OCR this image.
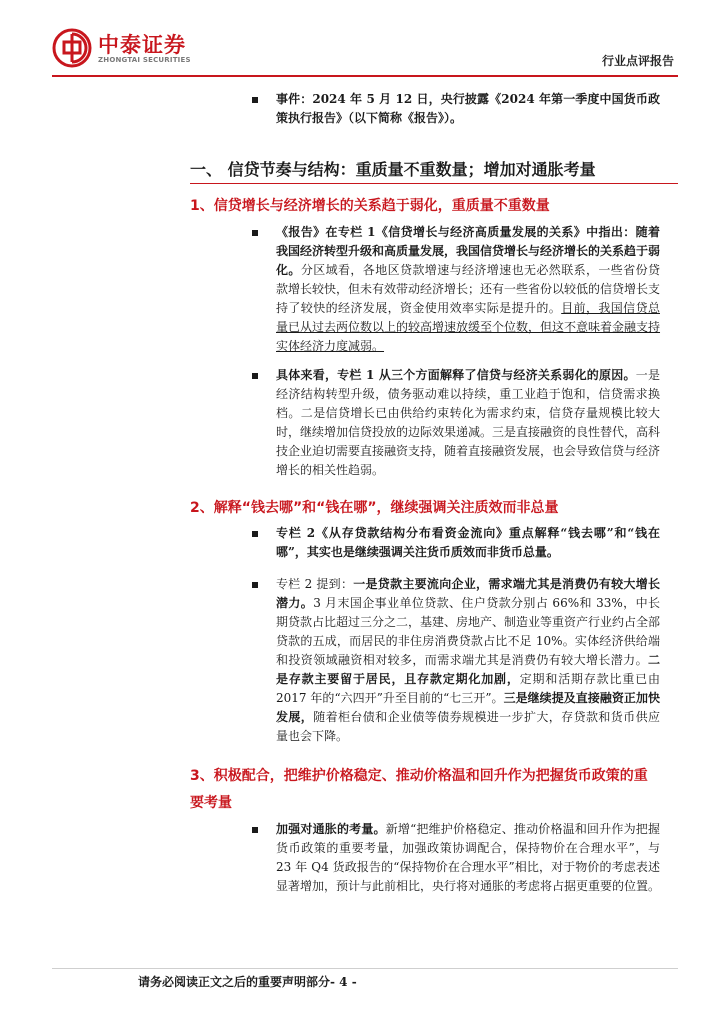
中泰证券
ZHONGTAI SECURITIES	行业点评报告
事件：2024 年 5 月 12 日，央行披露《2024 年第一季度中国货币政策执行报告》（以下简称《报告》）。
一、 信贷节奏与结构：重质量不重数量；增加对通胀考量
1、信贷增长与经济增长的关系趋于弱化，重质量不重数量
《报告》在专栏 1《信贷增长与经济高质量发展的关系》中指出：随着我国经济转型升级和高质量发展，我国信贷增长与经济增长的关系趋于弱化。分区域看，各地区贷款增速与经济增速也无必然联系，一些省份贷款增长较快，但未有效带动经济增长；还有一些省份以较低的信贷增长支持了较快的经济发展，资金使用效率实际是提升的。目前，我国信贷总量已从过去两位数以上的较高增速放缓至个位数，但这不意味着金融支持实体经济力度减弱。
具体来看，专栏 1 从三个方面解释了信贷与经济关系弱化的原因。一是经济结构转型升级，债务驱动难以持续，重工业趋于饱和，信贷需求换档。二是信贷增长已由供给约束转化为需求约束，信贷存量规模比较大时，继续增加信贷投放的边际效果递减。三是直接融资的良性替代，高科技企业迫切需要直接融资支持，随着直接融资发展，也会导致信贷与经济增长的相关性趋弱。
2、解释“钱去哪”和“钱在哪”，继续强调关注质效而非总量
专栏 2《从存贷款结构分布看资金流向》重点解释“钱去哪”和“钱在哪”，其实也是继续强调关注货币质效而非货币总量。
专栏 2 提到：一是贷款主要流向企业，需求端尤其是消费仍有较大增长潜力。3 月末国企事业单位贷款、住户贷款分别占 66%和 33%，中长期贷款占比超过三分之二，基建、房地产、制造业等重资产行业约占全部贷款的五成，而居民的非住房消费贷款占比不足 10%。实体经济供给端和投资领域融资相对较多，而需求端尤其是消费仍有较大增长潜力。二是存款主要留于居民，且存款定期化加剧，定期和活期存款比重已由 2017 年的“六四开”升至目前的“七三开”。三是继续提及直接融资正加快发展，随着柜台债和企业债等债券规模进一步扩大，存贷款和货币供应量也会下降。
3、积极配合，把维护价格稳定、推动价格温和回升作为把握货币政策的重
要考量
加强对通胀的考量。新增“把维护价格稳定、推动价格温和回升作为把握货币政策的重要考量，加强政策协调配合，保持物价在合理水平”，与 23 年 Q4 货政报告的“保持物价在合理水平”相比，对于物价的考虑表述显著增加，预计与此前相比，央行将对通胀的考虑将占据更重要的位置。
请务必阅读正文之后的重要声明部分- 4 -
